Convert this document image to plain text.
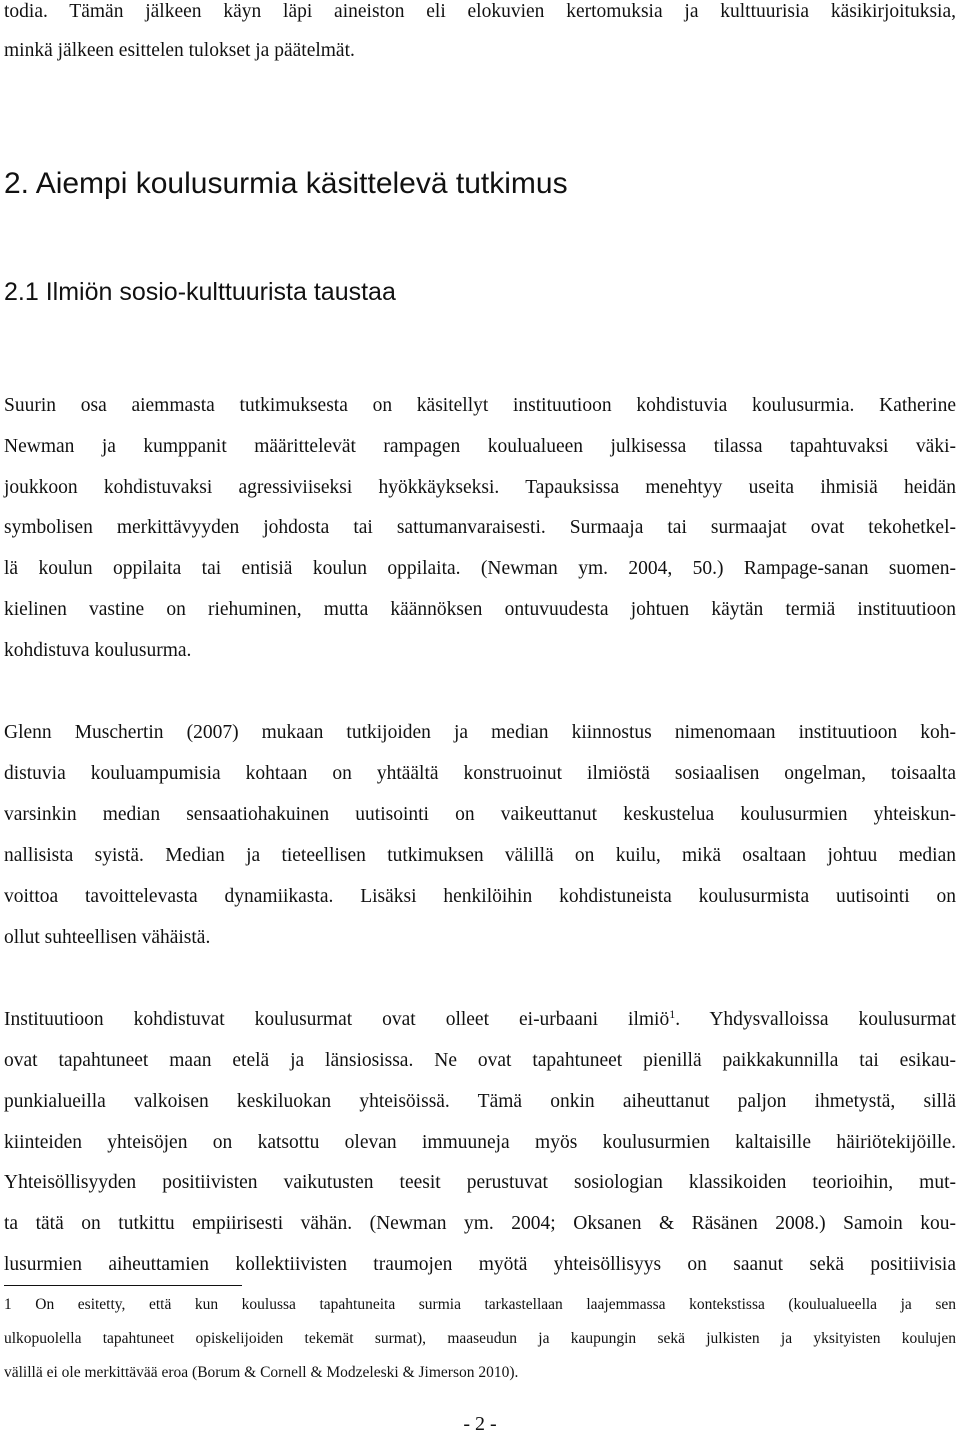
todia. Tämän jälkeen käyn läpi aineiston eli elokuvien kertomuksia ja kulttuurisia käsikirjoituksia,
minkä jälkeen esittelen tulokset ja päätelmät.
2. Aiempi koulusurmia käsittelevä tutkimus
2.1 Ilmiön sosio-kulttuurista taustaa
Suurin osa aiemmasta tutkimuksesta on käsitellyt instituutioon kohdistuvia koulusurmia. Katherine
Newman ja kumppanit määrittelevät rampagen koulualueen julkisessa tilassa tapahtuvaksi väki-
joukkoon kohdistuvaksi agressiviiseksi hyökkäykseksi. Tapauksissa menehtyy useita ihmisiä heidän
symbolisen merkittävyyden johdosta tai sattumanvaraisesti. Surmaaja tai surmaajat ovat tekohetkel-
lä koulun oppilaita tai entisiä koulun oppilaita. (Newman ym. 2004, 50.) Rampage-sanan suomen-
kielinen vastine on riehuminen, mutta käännöksen ontuvuudesta johtuen käytän termiä instituutioon
kohdistuva koulusurma.
Glenn Muschertin (2007) mukaan tutkijoiden ja median kiinnostus nimenomaan instituutioon koh-
distuvia kouluampumisia kohtaan on yhtäältä konstruoinut ilmiöstä sosiaalisen ongelman, toisaalta
varsinkin median sensaatiohakuinen uutisointi on vaikeuttanut keskustelua koulusurmien yhteiskun-
nallisista syistä. Median ja tieteellisen tutkimuksen välillä on kuilu, mikä osaltaan johtuu median
voittoa tavoittelevasta dynamiikasta. Lisäksi henkilöihin kohdistuneista koulusurmista uutisointi on
ollut suhteellisen vähäistä.
Instituutioon kohdistuvat koulusurmat ovat olleet ei-urbaani ilmiö$^1$. Yhdysvalloissa koulusurmat
ovat tapahtuneet maan etelä ja länsiosissa. Ne ovat tapahtuneet pienillä paikkakunnilla tai esikau-
punkialueilla valkoisen keskiluokan yhteisöissä. Tämä onkin aiheuttanut paljon ihmetystä, sillä
kiinteiden yhteisöjen on katsottu olevan immuuneja myös koulusurmien kaltaisille häiriötekijöille.
Yhteisöllisyyden positiivisten vaikutusten teesit perustuvat sosiologian klassikoiden teorioihin, mut-
ta tätä on tutkittu empiirisesti vähän. (Newman ym. 2004; Oksanen & Räsänen 2008.) Samoin kou-
lusurmien aiheuttamien kollektiivisten traumojen myötä yhteisöllisyys on saanut sekä positiivisia
1 On esitetty, että kun koulussa tapahtuneita surmia tarkastellaan laajemmassa kontekstissa (koulualueella ja sen
ulkopuolella tapahtuneet opiskelijoiden tekemät surmat), maaseudun ja kaupungin sekä julkisten ja yksityisten koulujen
välillä ei ole merkittävää eroa (Borum & Cornell & Modzeleski & Jimerson 2010).
- 2 -
